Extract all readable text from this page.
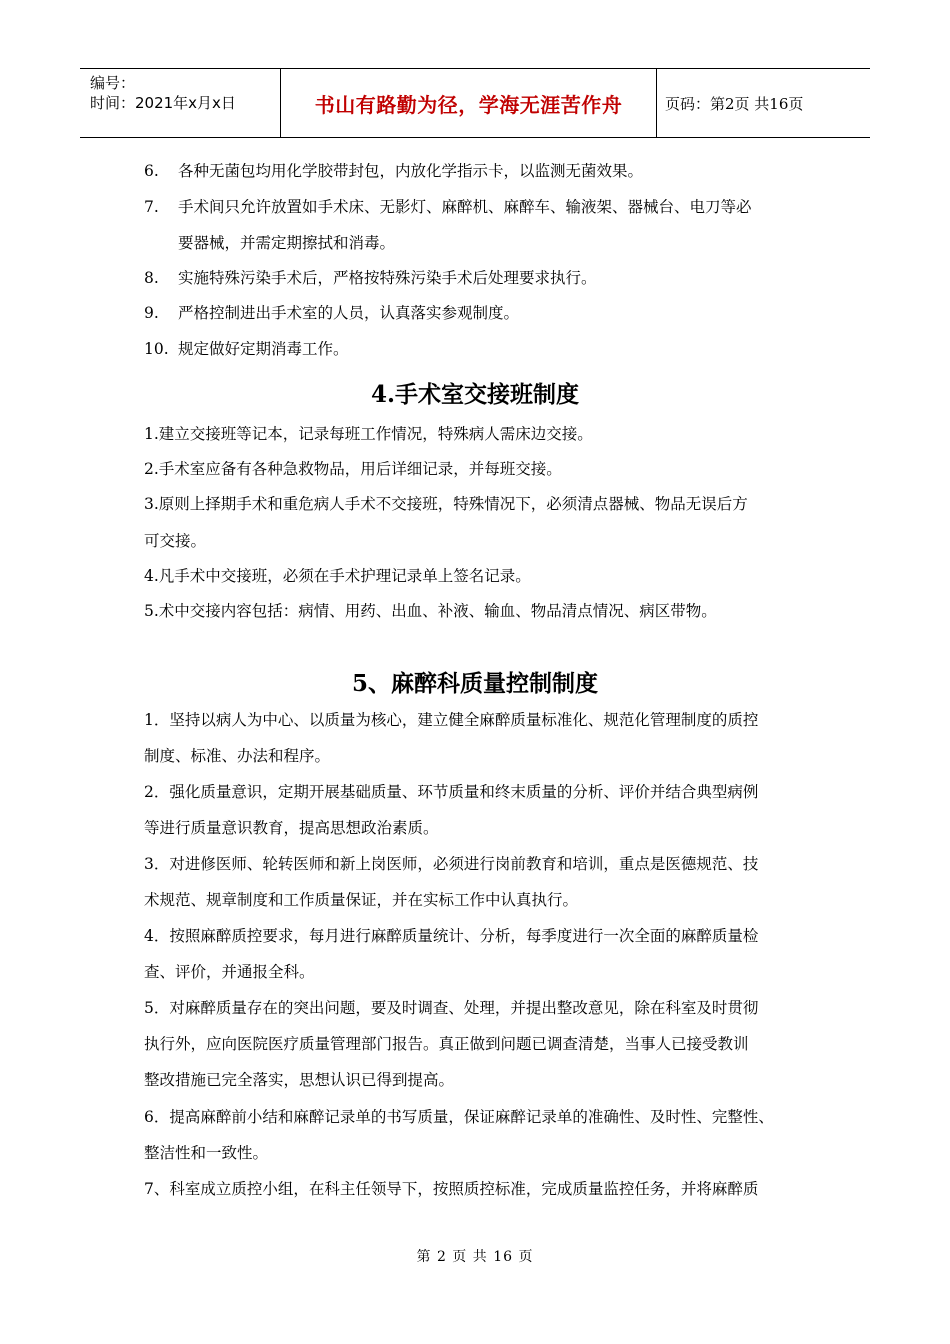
编号：
时间：2021年x月x日	书山有路勤为径，学海无涯苦作舟	页码：第2页 共16页
6. 各种无菌包均用化学胶带封包，内放化学指示卡，以监测无菌效果。
7. 手术间只允许放置如手术床、无影灯、麻醉机、麻醉车、输液架、器械台、电刀等必
要器械，并需定期擦拭和消毒。
8. 实施特殊污染手术后，严格按特殊污染手术后处理要求执行。
9. 严格控制进出手术室的人员，认真落实参观制度。
10. 规定做好定期消毒工作。
4.手术室交接班制度
1.建立交接班等记本，记录每班工作情况，特殊病人需床边交接。
2.手术室应备有各种急救物品，用后详细记录，并每班交接。
3.原则上择期手术和重危病人手术不交接班，特殊情况下，必须清点器械、物品无误后方
可交接。
4.凡手术中交接班，必须在手术护理记录单上签名记录。
5.术中交接内容包括：病情、用药、出血、补液、输血、物品清点情况、病区带物。
5、麻醉科质量控制制度
1．坚持以病人为中心、以质量为核心，建立健全麻醉质量标准化、规范化管理制度的质控
制度、标准、办法和程序。
2．强化质量意识，定期开展基础质量、环节质量和终末质量的分析、评价并结合典型病例
等进行质量意识教育，提高思想政治素质。
3．对进修医师、轮转医师和新上岗医师，必须进行岗前教育和培训，重点是医德规范、技
术规范、规章制度和工作质量保证，并在实标工作中认真执行。
4．按照麻醉质控要求，每月进行麻醉质量统计、分析，每季度进行一次全面的麻醉质量检
查、评价，并通报全科。
5．对麻醉质量存在的突出问题，要及时调查、处理，并提出整改意见，除在科室及时贯彻
执行外，应向医院医疗质量管理部门报告。真正做到问题已调查清楚，当事人已接受教训
整改措施已完全落实，思想认识已得到提高。
6．提高麻醉前小结和麻醉记录单的书写质量，保证麻醉记录单的准确性、及时性、完整性、
整洁性和一致性。
7、科室成立质控小组，在科主任领导下，按照质控标准，完成质量监控任务，并将麻醉质
第 2 页 共 16 页
